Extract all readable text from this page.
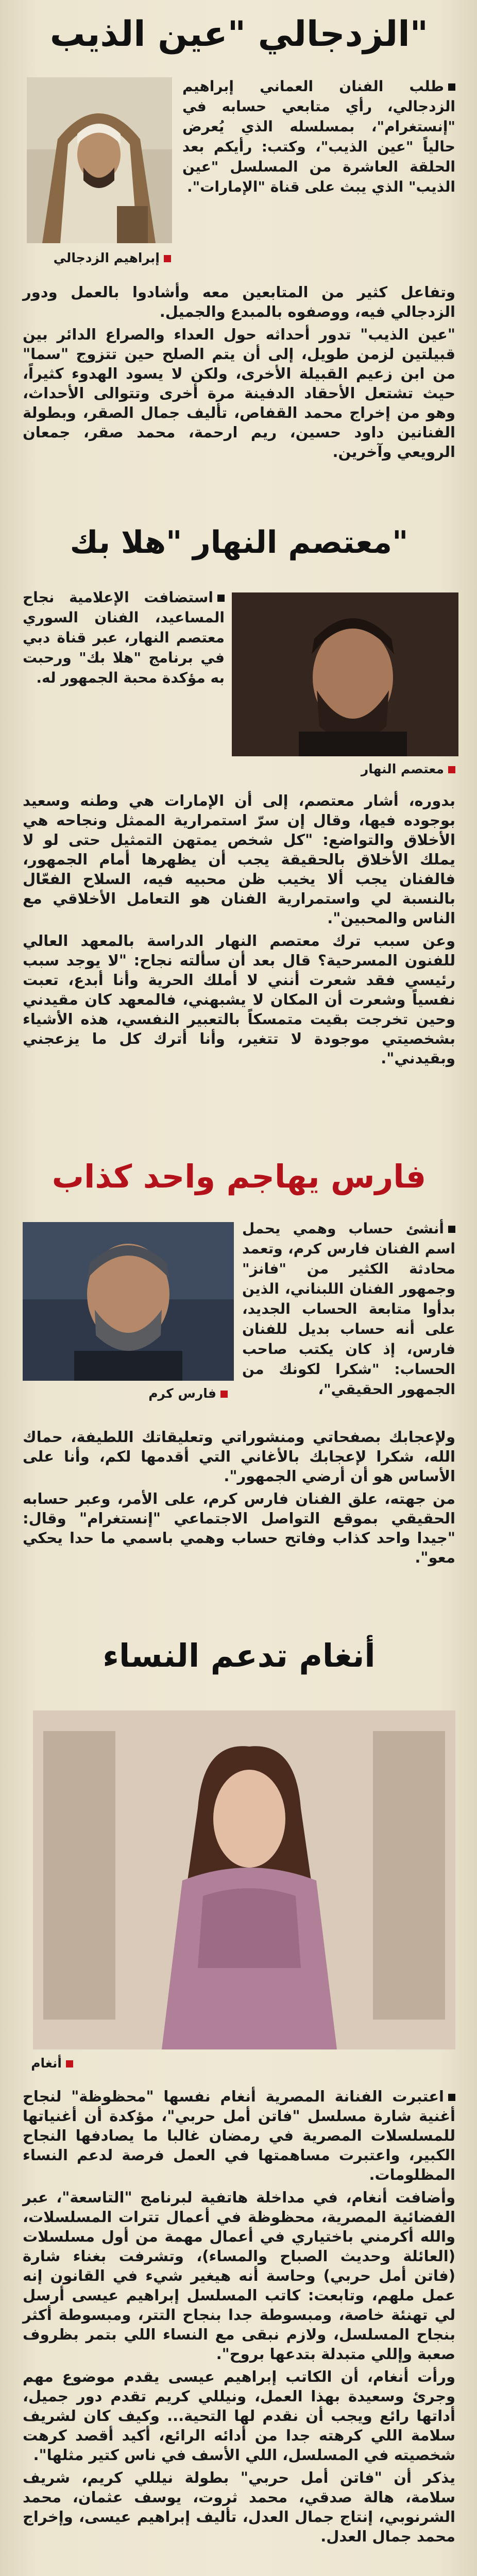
الزدجالي "عين الذيب"
إبراهيم الزدجالي
طلب الفنان العماني إبراهيم الزدجالي، رأي متابعي حسابه في "إنستغرام"، بمسلسله الذي يُعرض حالياً "عين الذيب"، وكتب: رأيكم بعد الحلقة العاشرة من المسلسل "عين الذيب" الذي يبث على قناة "الإمارات".

وتفاعل كثير من المتابعين معه وأشادوا بالعمل ودور الزدجالي فيه، ووصفوه بالمبدع والجميل.

"عين الذيب" تدور أحداثه حول العداء والصراع الدائر بين قبيلتين لزمن طويل، إلى أن يتم الصلح حين تتزوج "سما" من ابن زعيم القبيلة الأخرى، ولكن لا يسود الهدوء كثيراً، حيث تشتعل الأحقاد الدفينة مرة أخرى وتتوالى الأحداث، وهو من إخراج محمد القفاص، تأليف جمال الصقر، وبطولة الفنانين داود حسين، ريم ارحمة، محمد صقر، جمعان الرويعي وآخرين.

معتصم النهار "هلا بك"
معتصم النهار
استضافت الإعلامية نجاح المساعيد، الفنان السوري معتصم النهار، عبر قناة دبي في برنامج "هلا بك" ورحبت به مؤكدة محبة الجمهور له.

بدوره، أشار معتصم، إلى أن الإمارات هي وطنه وسعيد بوجوده فيها، وقال إن سرّ استمرارية الممثل ونجاحه هي الأخلاق والتواضع: "كل شخص يمتهن التمثيل حتى لو لا يملك الأخلاق بالحقيقة يجب أن يظهرها أمام الجمهور، فالفنان يجب ألا يخيب ظن محبيه فيه، السلاح الفعّال بالنسبة لي واستمرارية الفنان هو التعامل الأخلاقي مع الناس والمحبين".

وعن سبب ترك معتصم النهار الدراسة بالمعهد العالي للفنون المسرحية؟ قال بعد أن سألته نجاح: "لا يوجد سبب رئيسي فقد شعرت أنني لا أملك الحرية وأنا أبدع، تعبت نفسياً وشعرت أن المكان لا يشبهني، فالمعهد كان مقيدني وحين تخرجت بقيت متمسكاً بالتعبير النفسي، هذه الأشياء بشخصيتي موجودة لا تتغير، وأنا أترك كل ما يزعجني وبقيدني".

فارس يهاجم واحد كذاب
فارس كرم
أنشئ حساب وهمي يحمل اسم الفنان فارس كرم، وتعمد محادثة الكثير من "فانز" وجمهور الفنان اللبناني، الذين بدأوا متابعة الحساب الجديد، على أنه حساب بديل للفنان فارس، إذ كان يكتب صاحب الحساب: "شكرا لكونك من الجمهور الحقيقي"،

ولإعجابك بصفحاتي ومنشوراتي وتعليقاتك اللطيفة، حماك الله، شكرا لإعجابك بالأغاني التي أقدمها لكم، وأنا على الأساس هو أن أرضي الجمهور".

من جهته، علق الفنان فارس كرم، على الأمر، وعبر حسابه الحقيقي بموقع التواصل الاجتماعي "إنستغرام" وقال: "جيدا واحد كذاب وفاتح حساب وهمي باسمي ما حدا يحكي معو".

أنغام تدعم النساء
أنغام

اعتبرت الفنانة المصرية أنغام نفسها "محظوظة" لنجاح أغنية شارة مسلسل "فاتن أمل حربي"، مؤكدة أن أغنياتها للمسلسلات المصرية في رمضان غالبا ما يصادفها النجاح الكبير، واعتبرت مساهمتها في العمل فرصة لدعم النساء المظلومات.

وأضافت أنغام، في مداخلة هاتفية لبرنامج "التاسعة"، عبر الفضائية المصرية، محظوظة في أعمال تترات المسلسلات، والله أكرمني باختياري في أعمال مهمة من أول مسلسلات (العائلة وحديث الصباح والمساء)، وتشرفت بغناء شارة (فاتن أمل حربي) وحاسة أنه هيغير شيء في القانون إنه عمل ملهم، وتابعت: كاتب المسلسل إبراهيم عيسى أرسل لي تهنئة خاصة، ومبسوطة جدا بنجاح التتر، ومبسوطة أكثر بنجاح المسلسل، ولازم نبقى مع النساء اللي بتمر بظروف صعبة وإللي متبدلة بتدعها بروح".

ورأت أنغام، أن الكاتب إبراهيم عيسى يقدم موضوع مهم وجرئ وسعيدة بهذا العمل، ونيللي كريم تقدم دور جميل، أداتها رائع ويجب أن نقدم لها التحية... وكيف كان لشريف سلامة اللي كرهته جدا من أدائه الرائع، أكيد أقصد كرهت شخصيته في المسلسل، اللي الأسف في ناس كتير مثلها".

يذكر أن "فاتن أمل حربي" بطولة نيللي كريم، شريف سلامة، هالة صدقي، محمد ثروت، يوسف عثمان، محمد الشرنوبي، إنتاج جمال العدل، تأليف إبراهيم عيسى، وإخراج محمد جمال العدل.
